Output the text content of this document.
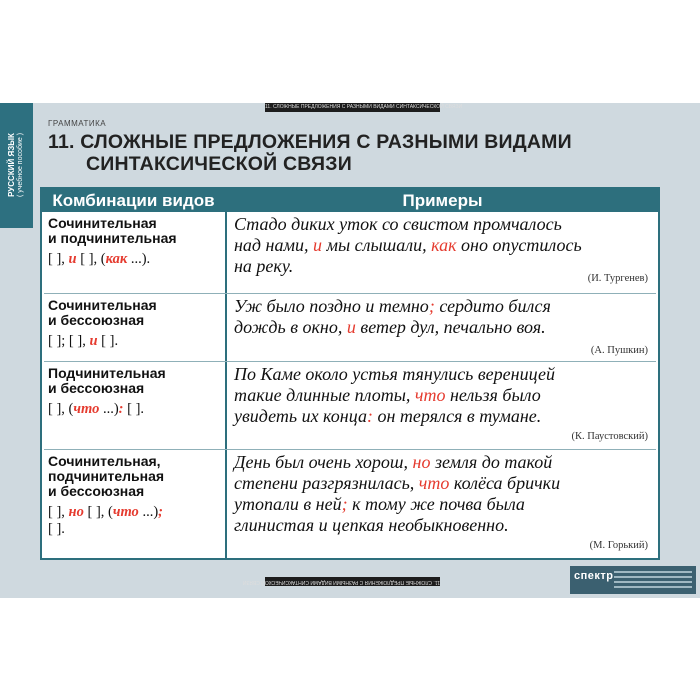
РУССКИЙ ЯЗЫК ( учебное пособие )
11. СЛОЖНЫЕ ПРЕДЛОЖЕНИЯ С РАЗНЫМИ ВИДАМИ СИНТАКСИЧЕСКОЙ СВЯЗИ
ГРАММАТИКА
11. СЛОЖНЫЕ ПРЕДЛОЖЕНИЯ С РАЗНЫМИ ВИДАМИ
СИНТАКСИЧЕСКОЙ СВЯЗИ
Комбинации видов	Примеры
Сочинительная
и подчинительная
[ ], и [ ], (как ...).
Стадо диких уток со свистом промчалось
над нами, и мы слышали, как оно опустилось
на реку.
(И. Тургенев)
Сочинительная
и бессоюзная
[ ]; [ ], и [ ].
Уж было поздно и темно; сердито бился
дождь в окно, и ветер дул, печально воя.
(А. Пушкин)
Подчинительная
и бессоюзная
[ ], (что ...): [ ].
По Каме около устья тянулись вереницей
такие длинные плоты, что нельзя было
увидеть их конца: он терялся в тумане.
(К. Паустовский)
Сочинительная,
подчинительная
и бессоюзная
[ ], но [ ], (что ...);
[ ].
День был очень хорош, но земля до такой
степени разгрязнилась, что колёса брички
утопали в ней; к тому же почва была
глинистая и цепкая необыкновенно.
(М. Горький)
11. СЛОЖНЫЕ ПРЕДЛОЖЕНИЯ С РАЗНЫМИ ВИДАМИ СИНТАКСИЧЕСКОЙ СВЯЗИ	спектр
